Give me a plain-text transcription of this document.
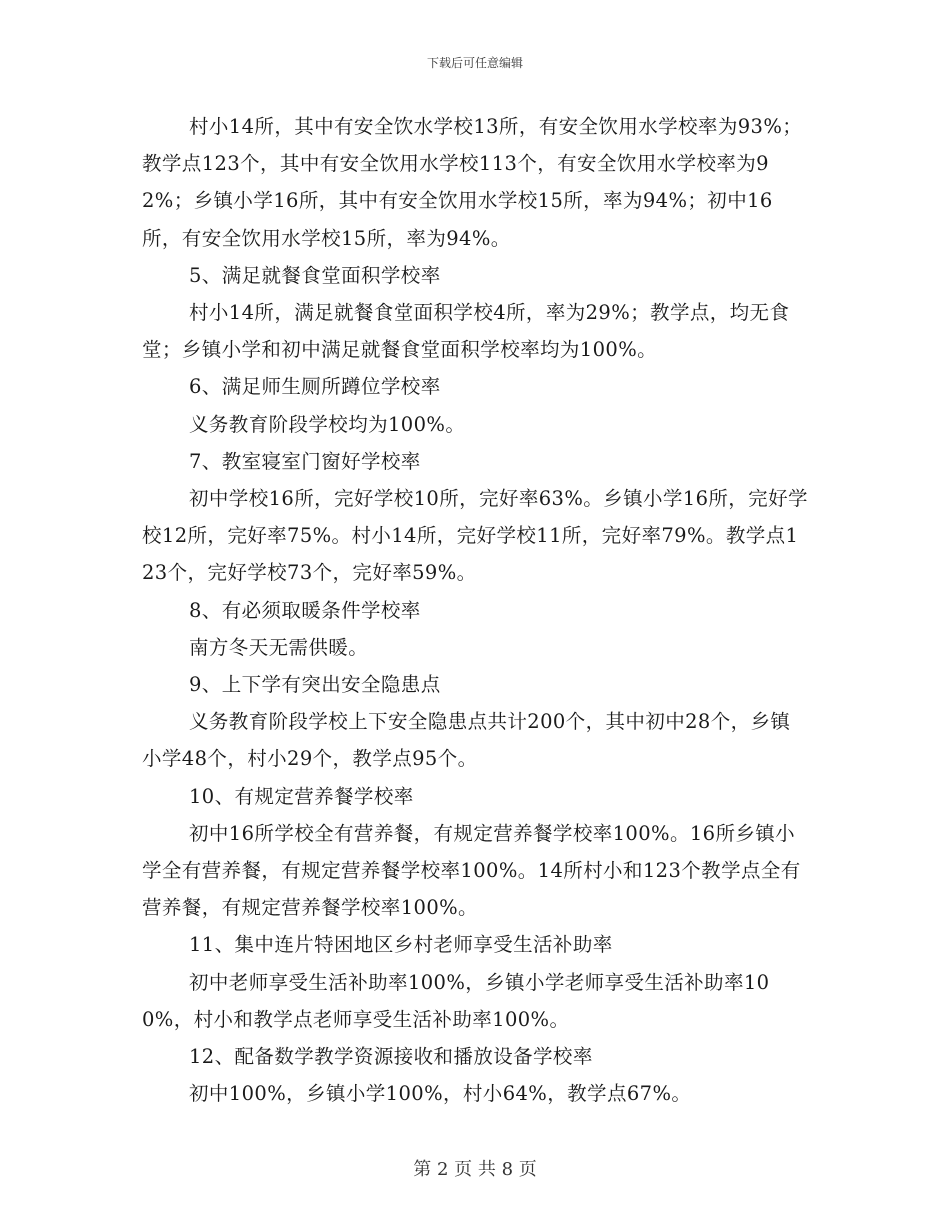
下载后可任意编辑

村小14所，其中有安全饮水学校13所，有安全饮用水学校率为93%；教学点123个，其中有安全饮用水学校113个，有安全饮用水学校率为92%；乡镇小学16所，其中有安全饮用水学校15所，率为94%；初中16所，有安全饮用水学校15所，率为94%。

5、满足就餐食堂面积学校率

村小14所，满足就餐食堂面积学校4所，率为29%；教学点，均无食堂；乡镇小学和初中满足就餐食堂面积学校率均为100%。

6、满足师生厕所蹲位学校率

义务教育阶段学校均为100%。

7、教室寝室门窗好学校率

初中学校16所，完好学校10所，完好率63%。乡镇小学16所，完好学校12所，完好率75%。村小14所，完好学校11所，完好率79%。教学点123个，完好学校73个，完好率59%。

8、有必须取暖条件学校率

南方冬天无需供暖。

9、上下学有突出安全隐患点

义务教育阶段学校上下安全隐患点共计200个，其中初中28个，乡镇小学48个，村小29个，教学点95个。

10、有规定营养餐学校率

初中16所学校全有营养餐，有规定营养餐学校率100%。16所乡镇小学全有营养餐，有规定营养餐学校率100%。14所村小和123个教学点全有营养餐，有规定营养餐学校率100%。

11、集中连片特困地区乡村老师享受生活补助率

初中老师享受生活补助率100%，乡镇小学老师享受生活补助率100%，村小和教学点老师享受生活补助率100%。

12、配备数学教学资源接收和播放设备学校率

初中100%，乡镇小学100%，村小64%，教学点67%。

第 2 页 共 8 页
